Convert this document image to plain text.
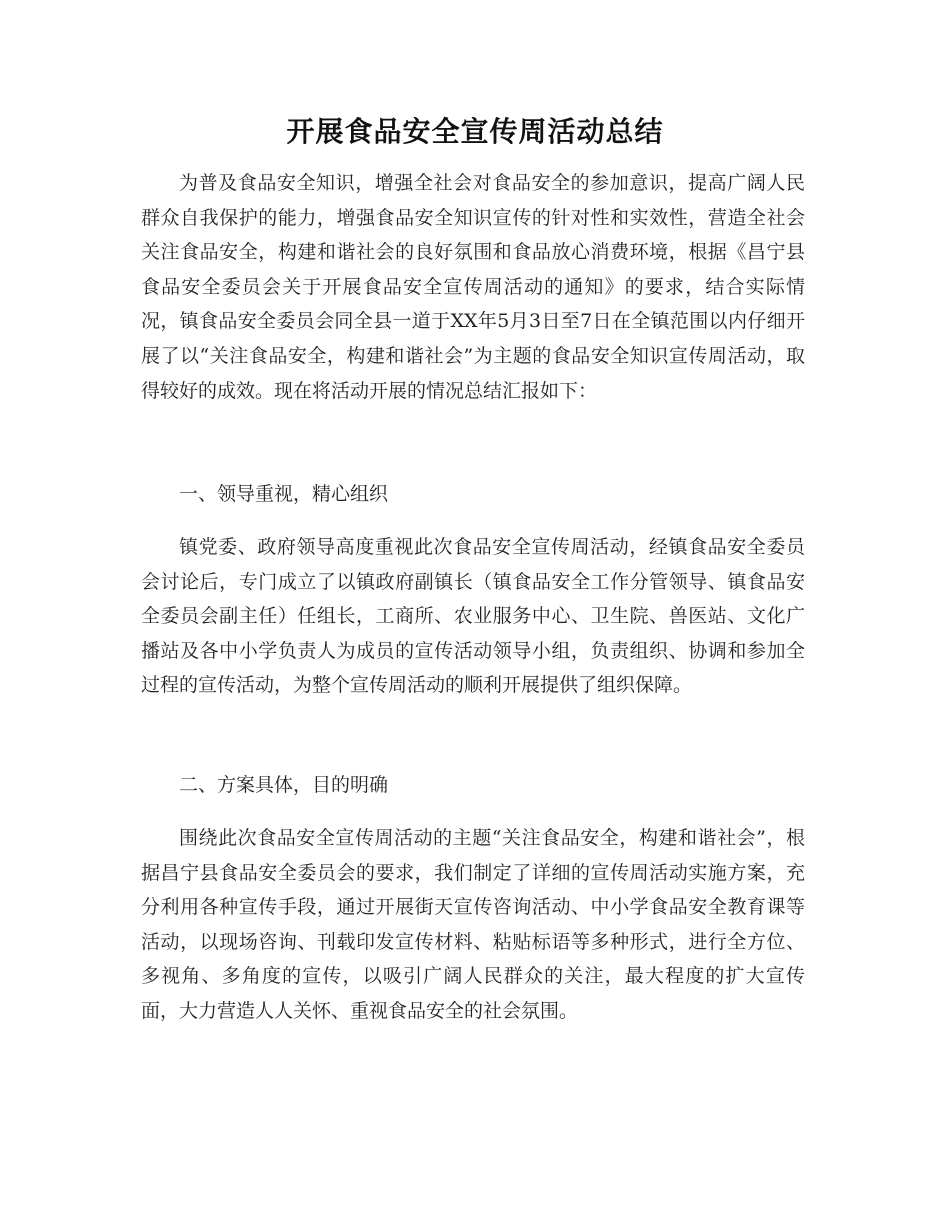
开展食品安全宣传周活动总结

为普及食品安全知识，增强全社会对食品安全的参加意识，提高广阔人民群众自我保护的能力，增强食品安全知识宣传的针对性和实效性，营造全社会关注食品安全，构建和谐社会的良好氛围和食品放心消费环境，根据《昌宁县食品安全委员会关于开展食品安全宣传周活动的通知》的要求，结合实际情况，镇食品安全委员会同全县一道于XX年5月3日至7日在全镇范围以内仔细开展了以“关注食品安全，构建和谐社会”为主题的食品安全知识宣传周活动，取得较好的成效。现在将活动开展的情况总结汇报如下：

一、领导重视，精心组织

镇党委、政府领导高度重视此次食品安全宣传周活动，经镇食品安全委员会讨论后，专门成立了以镇政府副镇长（镇食品安全工作分管领导、镇食品安全委员会副主任）任组长，工商所、农业服务中心、卫生院、兽医站、文化广播站及各中小学负责人为成员的宣传活动领导小组，负责组织、协调和参加全过程的宣传活动，为整个宣传周活动的顺利开展提供了组织保障。

二、方案具体，目的明确

围绕此次食品安全宣传周活动的主题“关注食品安全，构建和谐社会”，根据昌宁县食品安全委员会的要求，我们制定了详细的宣传周活动实施方案，充分利用各种宣传手段，通过开展街天宣传咨询活动、中小学食品安全教育课等活动，以现场咨询、刊载印发宣传材料、粘贴标语等多种形式，进行全方位、多视角、多角度的宣传，以吸引广阔人民群众的关注，最大程度的扩大宣传面，大力营造人人关怀、重视食品安全的社会氛围。
